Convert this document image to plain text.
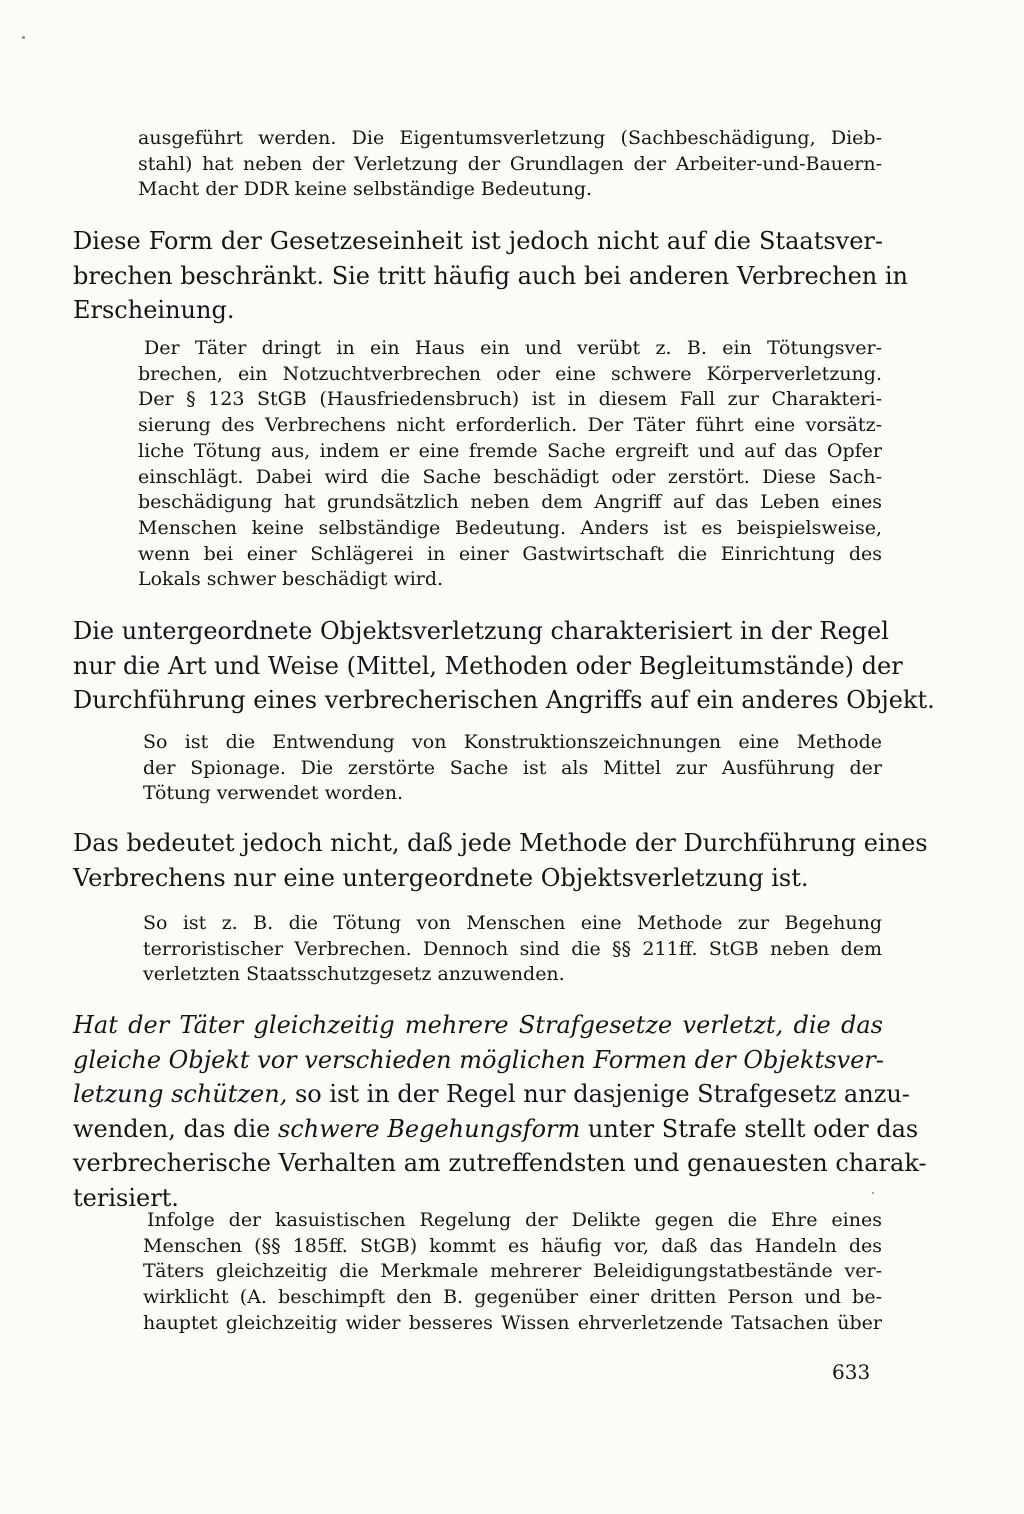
ausgeführt werden. Die Eigentumsverletzung (Sachbeschädigung, Dieb-
stahl) hat neben der Verletzung der Grundlagen der Arbeiter-und-Bauern-
Macht der DDR keine selbständige Bedeutung.
Diese Form der Gesetzeseinheit ist jedoch nicht auf die Staatsver-
brechen beschränkt. Sie tritt häufig auch bei anderen Verbrechen in
Erscheinung.
Der Täter dringt in ein Haus ein und verübt z. B. ein Tötungsver-
brechen, ein Notzuchtverbrechen oder eine schwere Körperverletzung.
Der § 123 StGB (Hausfriedensbruch) ist in diesem Fall zur Charakteri-
sierung des Verbrechens nicht erforderlich. Der Täter führt eine vorsätz-
liche Tötung aus, indem er eine fremde Sache ergreift und auf das Opfer
einschlägt. Dabei wird die Sache beschädigt oder zerstört. Diese Sach-
beschädigung hat grundsätzlich neben dem Angriff auf das Leben eines
Menschen keine selbständige Bedeutung. Anders ist es beispielsweise,
wenn bei einer Schlägerei in einer Gastwirtschaft die Einrichtung des
Lokals schwer beschädigt wird.
Die untergeordnete Objektsverletzung charakterisiert in der Regel
nur die Art und Weise (Mittel, Methoden oder Begleitumstände) der
Durchführung eines verbrecherischen Angriffs auf ein anderes Objekt.
So ist die Entwendung von Konstruktionszeichnungen eine Methode
der Spionage. Die zerstörte Sache ist als Mittel zur Ausführung der
Tötung verwendet worden.
Das bedeutet jedoch nicht, daß jede Methode der Durchführung eines
Verbrechens nur eine untergeordnete Objektsverletzung ist.
So ist z. B. die Tötung von Menschen eine Methode zur Begehung
terroristischer Verbrechen. Dennoch sind die §§ 211ff. StGB neben dem
verletzten Staatsschutzgesetz anzuwenden.
Hat der Täter gleichzeitig mehrere Strafgesetze verletzt, die das
gleiche Objekt vor verschieden möglichen Formen der Objektsver-
letzung schützen, so ist in der Regel nur dasjenige Strafgesetz anzu-
wenden, das die schwere Begehungsform unter Strafe stellt oder das
verbrecherische Verhalten am zutreffendsten und genauesten charak-
terisiert.
Infolge der kasuistischen Regelung der Delikte gegen die Ehre eines
Menschen (§§ 185ff. StGB) kommt es häufig vor, daß das Handeln des
Täters gleichzeitig die Merkmale mehrerer Beleidigungstatbestände ver-
wirklicht (A. beschimpft den B. gegenüber einer dritten Person und be-
hauptet gleichzeitig wider besseres Wissen ehrverletzende Tatsachen über
633
